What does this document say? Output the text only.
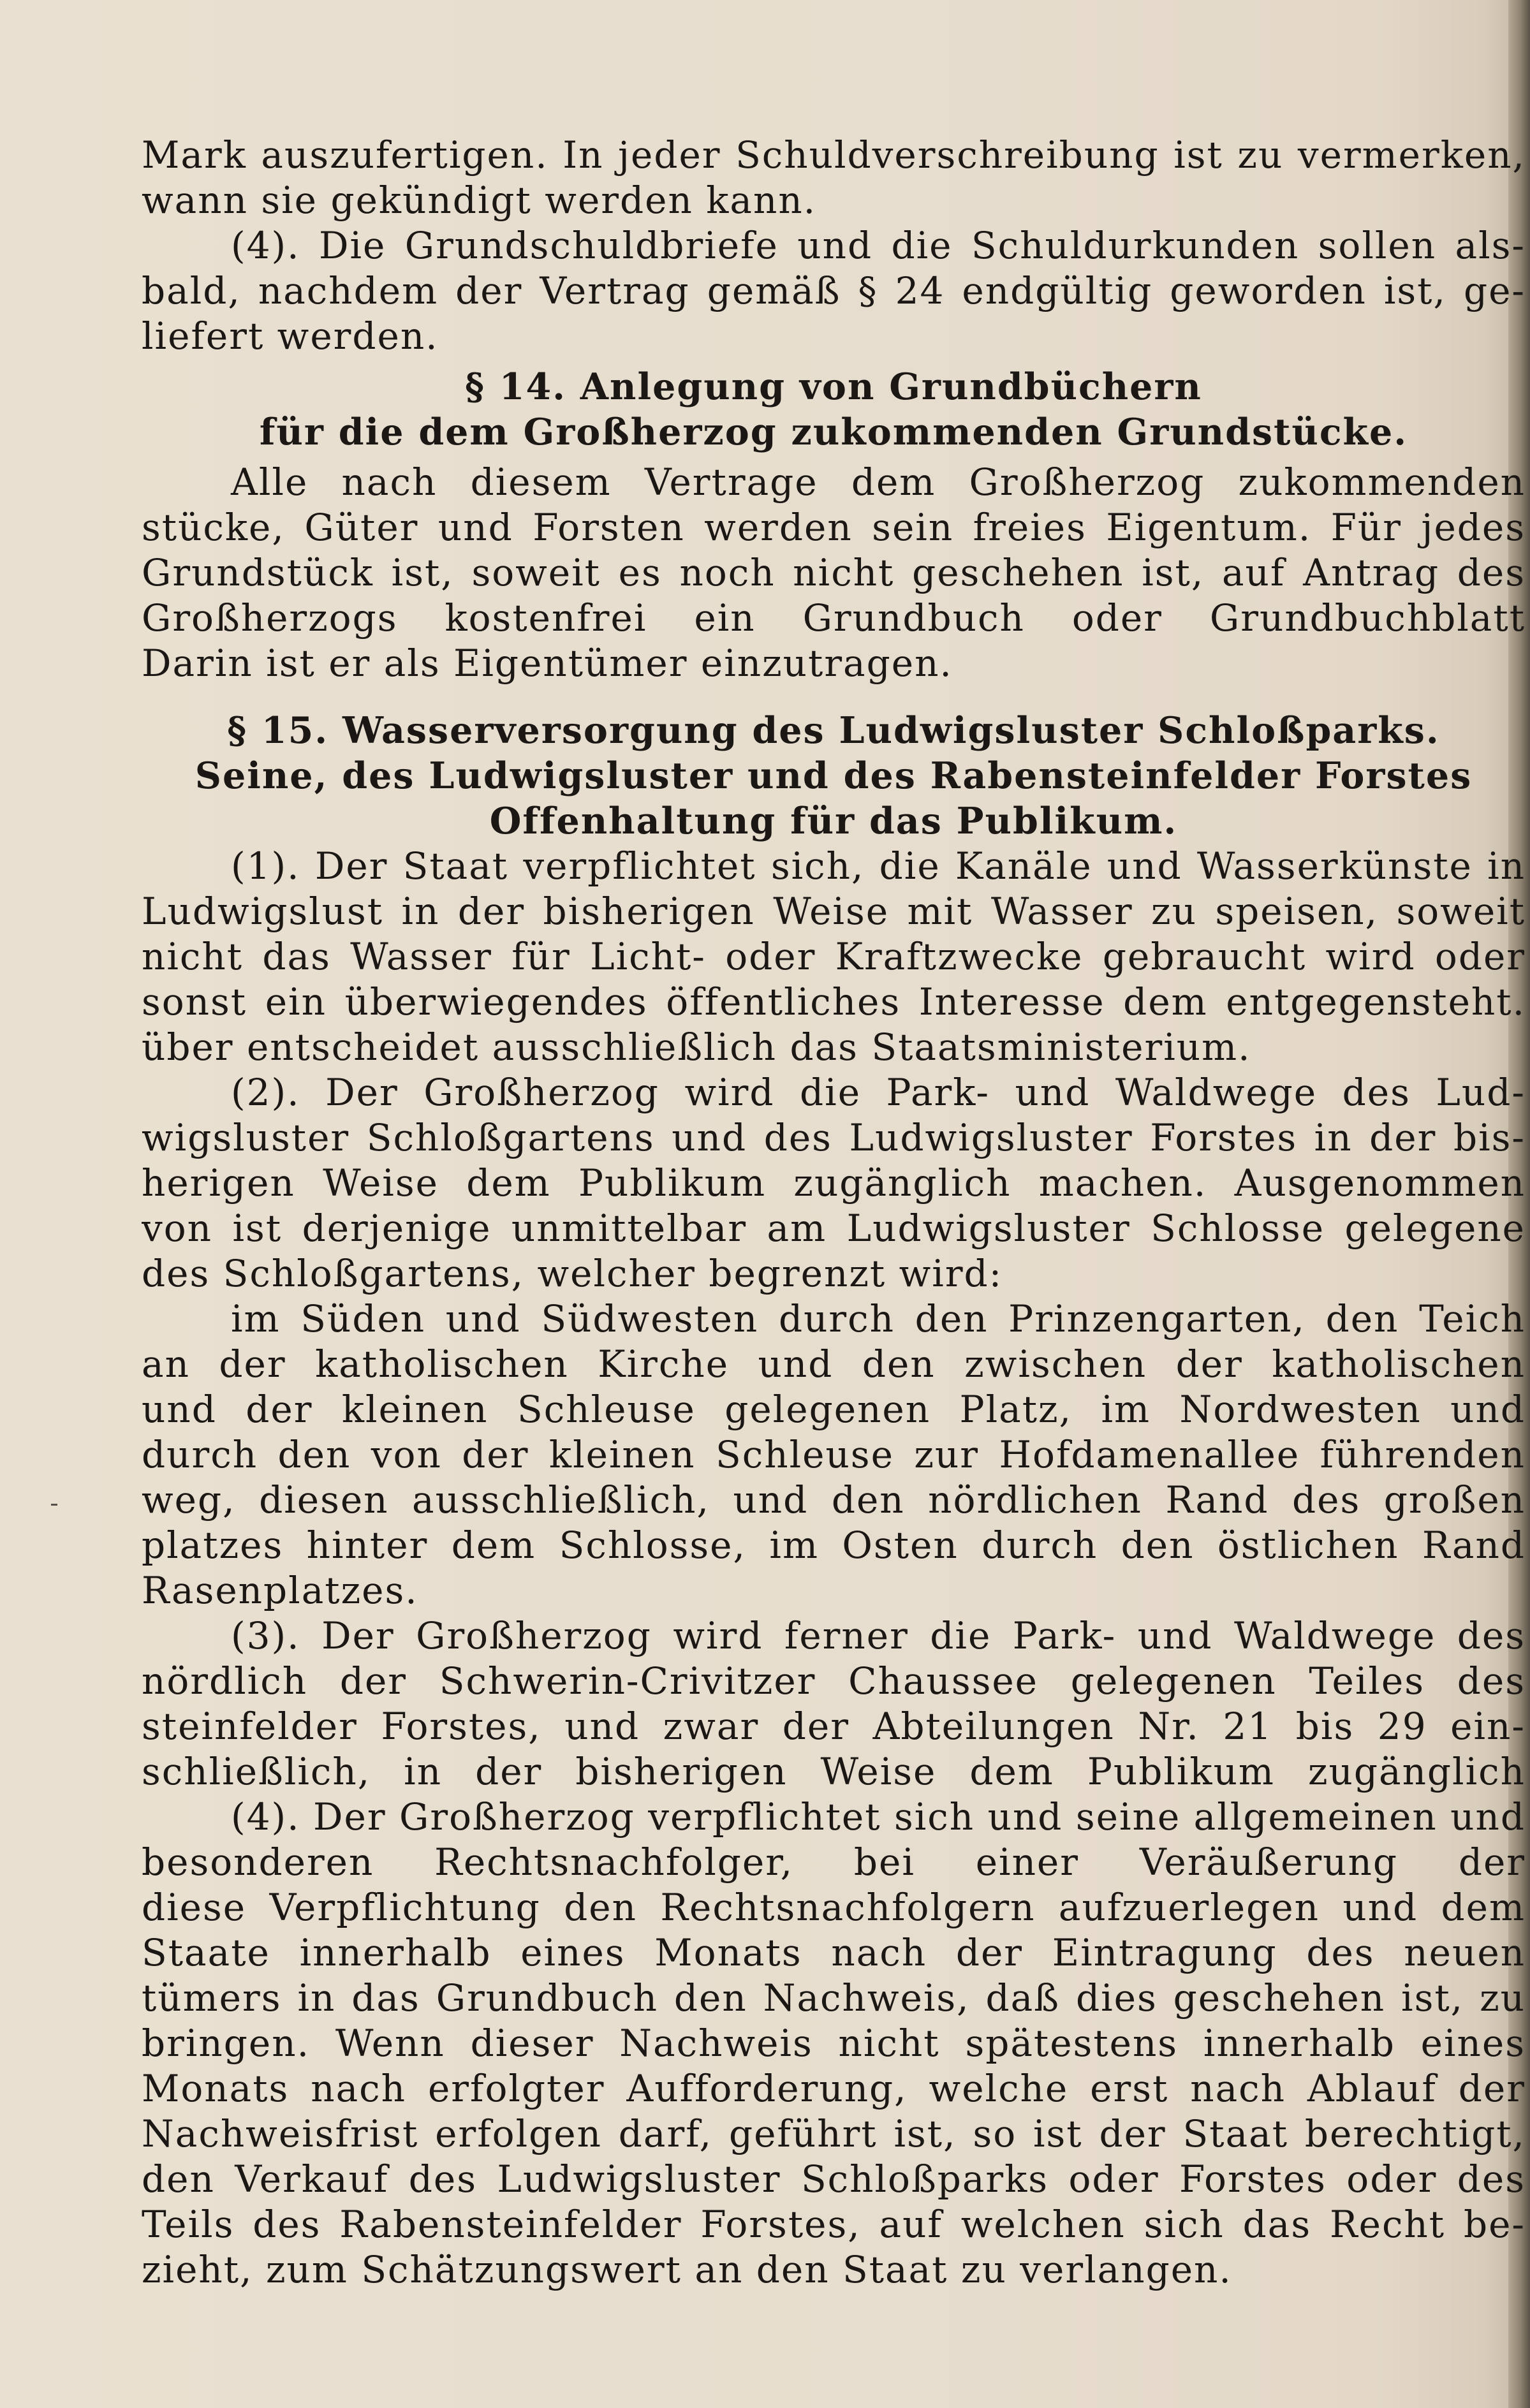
Mark auszufertigen. In jeder Schuldverschreibung ist zu vermerken,
wann sie gekündigt werden kann.
(4). Die Grundschuldbriefe und die Schuldurkunden sollen als-
bald, nachdem der Vertrag gemäß § 24 endgültig geworden ist, ge-
liefert werden.
§ 14. Anlegung von Grundbüchern
für die dem Großherzog zukommenden Grundstücke.
Alle nach diesem Vertrage dem Großherzog zukommenden
stücke, Güter und Forsten werden sein freies Eigentum. Für jedes
Grundstück ist, soweit es noch nicht geschehen ist, auf Antrag des
Großherzogs kostenfrei ein Grundbuch oder Grundbuchblatt
Darin ist er als Eigentümer einzutragen.
§ 15. Wasserversorgung des Ludwigsluster Schloßparks.
Seine, des Ludwigsluster und des Rabensteinfelder Forstes
Offenhaltung für das Publikum.
(1). Der Staat verpflichtet sich, die Kanäle und Wasserkünste in
Ludwigslust in der bisherigen Weise mit Wasser zu speisen, soweit
nicht das Wasser für Licht- oder Kraftzwecke gebraucht wird oder
sonst ein überwiegendes öffentliches Interesse dem entgegensteht.
über entscheidet ausschließlich das Staatsministerium.
(2). Der Großherzog wird die Park- und Waldwege des Lud-
wigsluster Schloßgartens und des Ludwigsluster Forstes in der bis-
herigen Weise dem Publikum zugänglich machen. Ausgenommen
von ist derjenige unmittelbar am Ludwigsluster Schlosse gelegene
des Schloßgartens, welcher begrenzt wird:
im Süden und Südwesten durch den Prinzengarten, den Teich
an der katholischen Kirche und den zwischen der katholischen
und der kleinen Schleuse gelegenen Platz, im Nordwesten und
durch den von der kleinen Schleuse zur Hofdamenallee führenden
weg, diesen ausschließlich, und den nördlichen Rand des großen
platzes hinter dem Schlosse, im Osten durch den östlichen Rand
Rasenplatzes.
(3). Der Großherzog wird ferner die Park- und Waldwege des
nördlich der Schwerin-Crivitzer Chaussee gelegenen Teiles des
steinfelder Forstes, und zwar der Abteilungen Nr. 21 bis 29 ein-
schließlich, in der bisherigen Weise dem Publikum zugänglich
(4). Der Großherzog verpflichtet sich und seine allgemeinen und
besonderen Rechtsnachfolger, bei einer Veräußerung der
diese Verpflichtung den Rechtsnachfolgern aufzuerlegen und dem
Staate innerhalb eines Monats nach der Eintragung des neuen
tümers in das Grundbuch den Nachweis, daß dies geschehen ist, zu
bringen. Wenn dieser Nachweis nicht spätestens innerhalb eines
Monats nach erfolgter Aufforderung, welche erst nach Ablauf der
Nachweisfrist erfolgen darf, geführt ist, so ist der Staat berechtigt,
den Verkauf des Ludwigsluster Schloßparks oder Forstes oder des
Teils des Rabensteinfelder Forstes, auf welchen sich das Recht be-
zieht, zum Schätzungswert an den Staat zu verlangen.
